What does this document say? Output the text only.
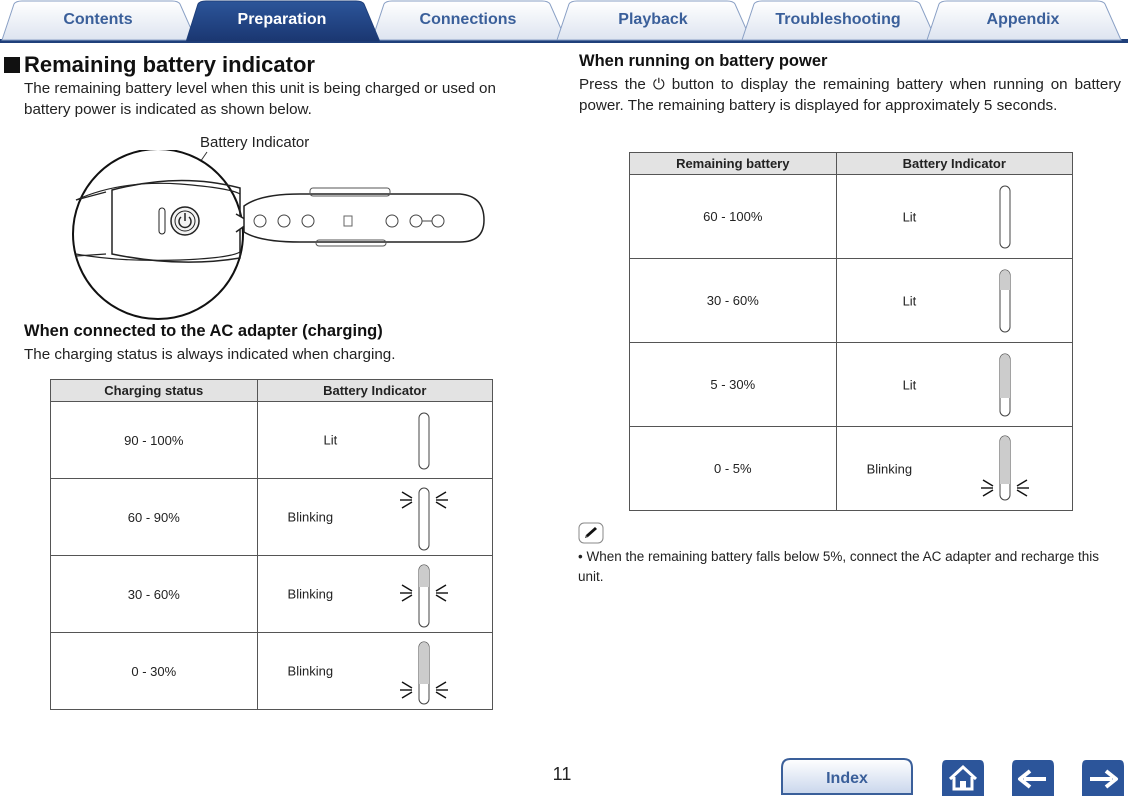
Contents	Preparation	Connections	Playback	Troubleshooting	Appendix
Remaining battery indicator
The remaining battery level when this unit is being charged or used on battery power is indicated as shown below.
Battery Indicator
When connected to the AC adapter (charging)
The charging status is always indicated when charging.
Charging status	Battery Indicator
90 - 100%	Lit

60 - 90%	Blinking

30 - 60%	Blinking

0 - 30%	Blinking
When running on battery power
Press the ⏻ button to display the remaining battery when running on battery power. The remaining battery is displayed for approximately 5 seconds.
Remaining battery	Battery Indicator
60 - 100%	Lit

30 - 60%	Lit

5 - 30%	Lit

0 - 5%	Blinking
• When the remaining battery falls below 5%, connect the AC adapter and recharge this unit.
11	Index
